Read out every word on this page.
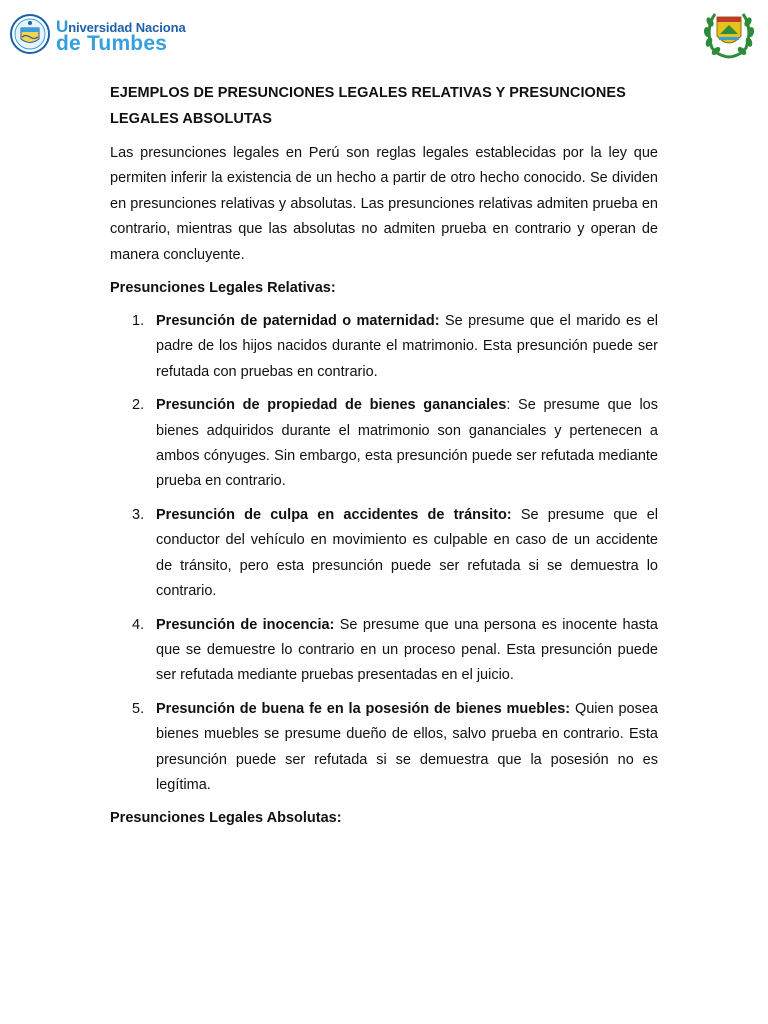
Universidad Naciona
de Tumbes
EJEMPLOS DE PRESUNCIONES LEGALES RELATIVAS Y PRESUNCIONES LEGALES ABSOLUTAS

Las presunciones legales en Perú son reglas legales establecidas por la ley que permiten inferir la existencia de un hecho a partir de otro hecho conocido. Se dividen en presunciones relativas y absolutas. Las presunciones relativas admiten prueba en contrario, mientras que las absolutas no admiten prueba en contrario y operan de manera concluyente.

Presunciones Legales Relativas:
1. Presunción de paternidad o maternidad: Se presume que el marido es el padre de los hijos nacidos durante el matrimonio. Esta presunción puede ser refutada con pruebas en contrario.
2. Presunción de propiedad de bienes gananciales: Se presume que los bienes adquiridos durante el matrimonio son gananciales y pertenecen a ambos cónyuges. Sin embargo, esta presunción puede ser refutada mediante prueba en contrario.
3. Presunción de culpa en accidentes de tránsito: Se presume que el conductor del vehículo en movimiento es culpable en caso de un accidente de tránsito, pero esta presunción puede ser refutada si se demuestra lo contrario.
4. Presunción de inocencia: Se presume que una persona es inocente hasta que se demuestre lo contrario en un proceso penal. Esta presunción puede ser refutada mediante pruebas presentadas en el juicio.
5. Presunción de buena fe en la posesión de bienes muebles: Quien posea bienes muebles se presume dueño de ellos, salvo prueba en contrario. Esta presunción puede ser refutada si se demuestra que la posesión no es legítima.
Presunciones Legales Absolutas:
